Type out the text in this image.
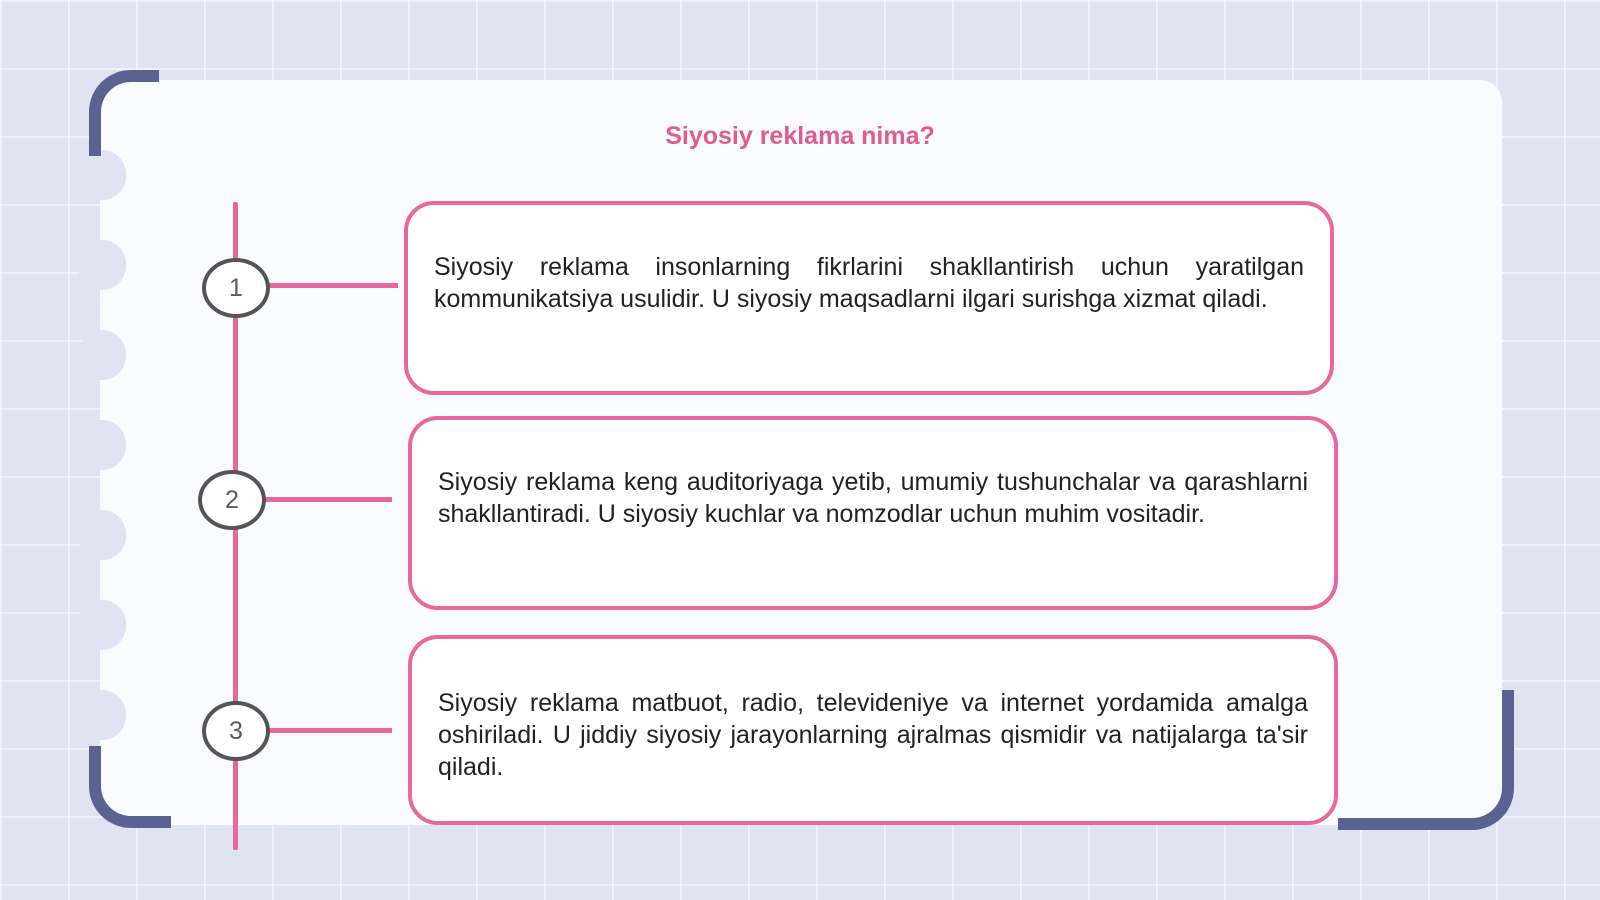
Siyosiy reklama nima?
1
Siyosiy reklama insonlarning fikrlarini shakllantirish uchun yaratilgan kommunikatsiya usulidir. U siyosiy maqsadlarni ilgari surishga xizmat qiladi.
2
Siyosiy reklama keng auditoriyaga yetib, umumiy tushunchalar va qarashlarni shakllantiradi. U siyosiy kuchlar va nomzodlar uchun muhim vositadir.
3
Siyosiy reklama matbuot, radio, televideniye va internet yordamida amalga oshiriladi. U jiddiy siyosiy jarayonlarning ajralmas qismidir va natijalarga ta'sir qiladi.
